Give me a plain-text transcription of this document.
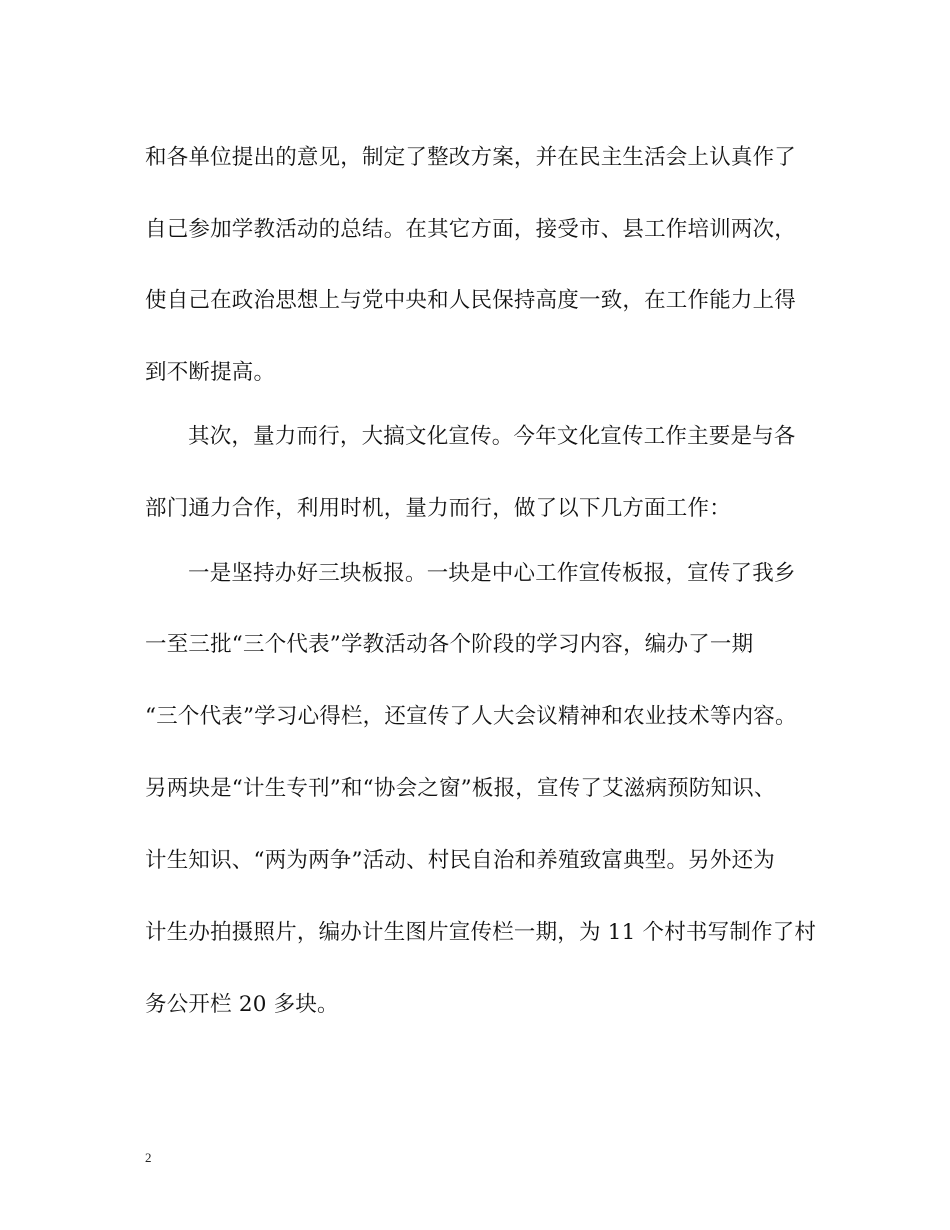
和各单位提出的意见，制定了整改方案，并在民主生活会上认真作了
自己参加学教活动的总结。在其它方面，接受市、县工作培训两次，
使自己在政治思想上与党中央和人民保持高度一致，在工作能力上得
到不断提高。
其次，量力而行，大搞文化宣传。今年文化宣传工作主要是与各
部门通力合作，利用时机，量力而行，做了以下几方面工作：
一是坚持办好三块板报。一块是中心工作宣传板报，宣传了我乡
一至三批“三个代表”学教活动各个阶段的学习内容，编办了一期
“三个代表”学习心得栏，还宣传了人大会议精神和农业技术等内容。
另两块是“计生专刊”和“协会之窗”板报，宣传了艾滋病预防知识、
计生知识、“两为两争”活动、村民自治和养殖致富典型。另外还为
计生办拍摄照片，编办计生图片宣传栏一期，为 11 个村书写制作了村
务公开栏 20 多块。
2
